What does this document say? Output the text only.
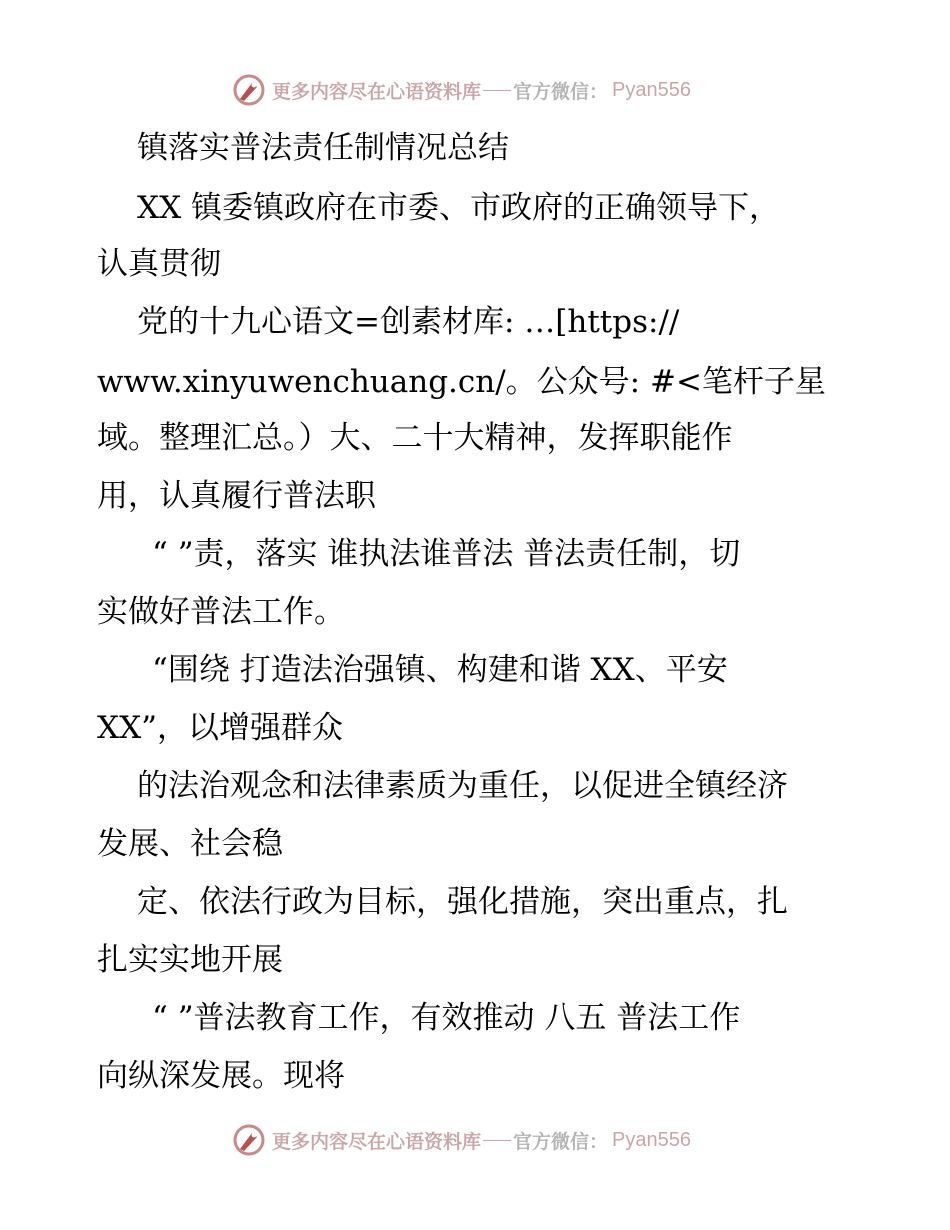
更多内容尽在心语资料库 官方微信： Pyan556
镇落实普法责任制情况总结
XX 镇委镇政府在市委、市政府的正确领导下，
认真贯彻
党的十九心语文=创素材库: …[https://
www.xinyuwenchuang.cn/。公众号: #<笔杆子星
域。整理汇总。）大、二十大精神，发挥职能作
用，认真履行普法职
“ ”责，落实 谁执法谁普法 普法责任制，切
实做好普法工作。
“围绕 打造法治强镇、构建和谐 XX、平安
XX”，以增强群众
的法治观念和法律素质为重任，以促进全镇经济
发展、社会稳
定、依法行政为目标，强化措施，突出重点，扎
扎实实地开展
“ ”普法教育工作，有效推动 八五 普法工作
向纵深发展。现将
更多内容尽在心语资料库 官方微信： Pyan556
